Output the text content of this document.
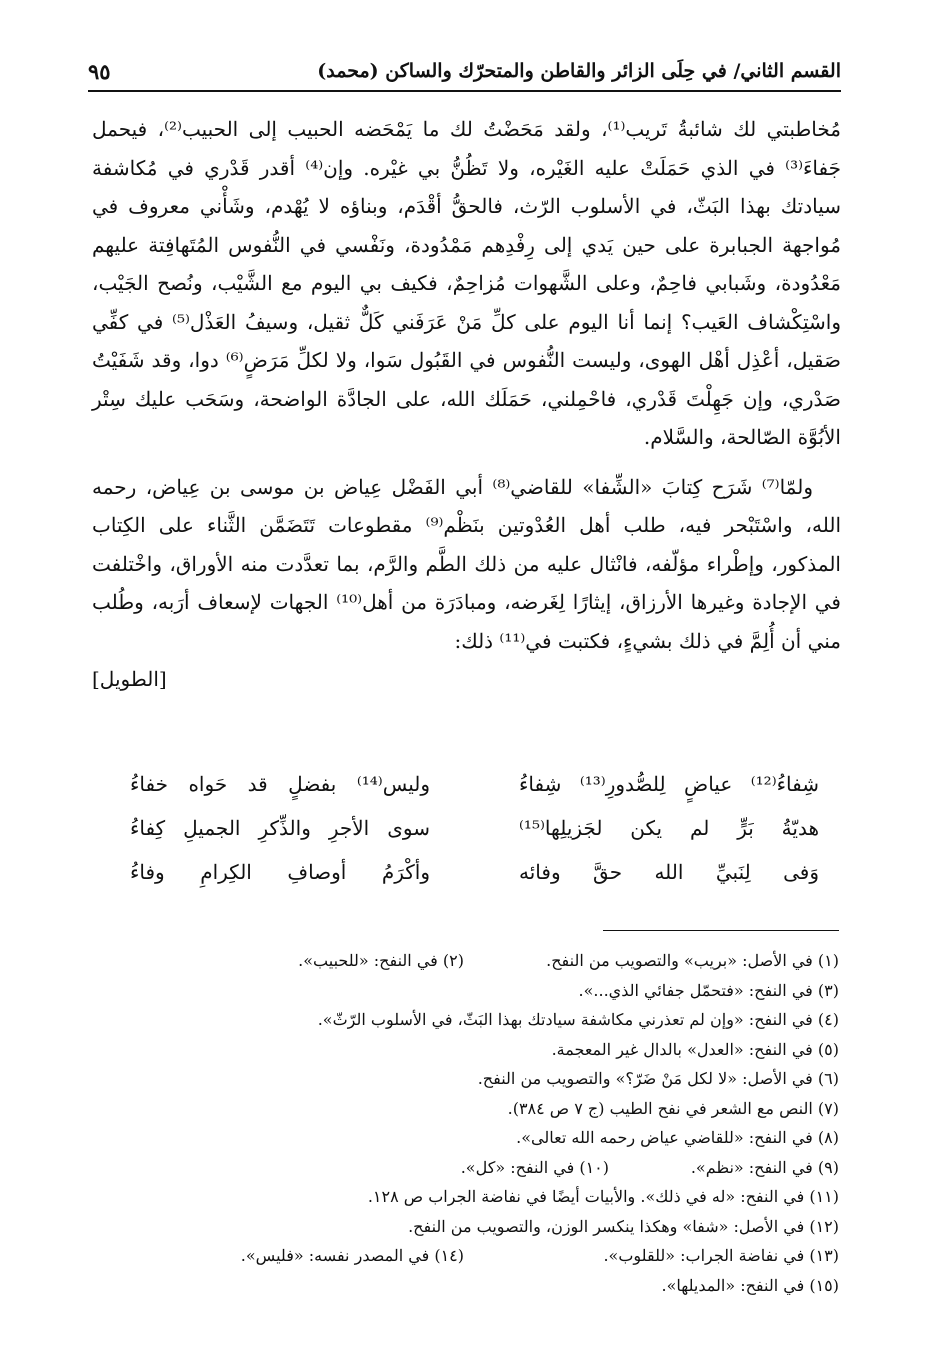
القسم الثاني/ في حِلَى الزائر والقاطن والمتحرّك والساكن (محمد)
٩٥

مُخاطبتي لك شائبةُ تَريب⁽¹⁾، ولقد مَحَضْتُ لك ما يَمْحَضه الحبيب إلى الحبيب⁽²⁾، فيحمل جَفاءَ⁽³⁾ في الذي حَمَلَتْ عليه الغَيْره، ولا تَظُنُّ بي غيْره. وإن⁽⁴⁾ أقدر قَدْري في مُكاشفة سيادتك بهذا البَثّ، في الأسلوب الرّث، فالحقُّ أقْدَم، وبناؤه لا يُهْدم، وشَأْني معروف في مُواجهة الجبابرة على حين يَدي إلى رِفْدِهم مَمْدُودة، ونَفْسي في النُّفوس المُتَهافِتة عليهم مَعْدُودة، وشَبابي فاحِمٌ، وعلى الشَّهوات مُزاحِمٌ، فكيف بي اليوم مع الشَّيْب، ونُصح الجَيْب، واسْتِكْشاف العَيب؟ إنما أنا اليوم على كلِّ مَنْ عَرَفَني كَلٌّ ثقيل، وسيفُ العَذْل⁽⁵⁾ في كفِّي صَقيل، أعْذِل أهْل الهوى، وليست النُّفوس في القَبُول سَوا، ولا لكلِّ مَرَضٍ⁽⁶⁾ دوا، وقد شَفَيْتُ صَدْري، وإن جَهِلْتَ قَدْري، فاحْمِلني، حَمَلَك الله، على الجادَّة الواضحة، وسَحَب عليك سِتْر الأبُوَّة الصّالحة، والسَّلام.

ولمّا⁽⁷⁾ شَرَح كِتابَ «الشِّفا» للقاضي⁽⁸⁾ أبي الفَضْل عِياض بن موسى بن عِياض، رحمه الله، واسْتَبْحر فيه، طلب أهل العُدْوتين بنَظْم⁽⁹⁾ مقطوعات تَتَضَمَّن الثَّناء على الكِتاب المذكور، وإطْراء مؤلّفه، فانْثال عليه من ذلك الطَّم والرَّم، بما تعدَّدت منه الأوراق، واخْتلفت في الإجادة وغيرها الأرزاق، إيثارًا لِغَرضه، ومبادَرَة من أهل⁽¹⁰⁾ الجهات لإسعاف أرَبه، وطُلب مني أن أُلِمَّ في ذلك بشيءٍ، فكتبت في⁽¹¹⁾ ذلك:

[الطويل]
شِفاءُ⁽¹²⁾ عياضٍ لِلصُّدورِ⁽¹³⁾ شِفاءُ
وليس⁽¹⁴⁾ بفضلٍ قد حَواه خفاءُ
هديّةُ بَرٍّ لم يكن لجَزيلِها⁽¹⁵⁾
سوى الأجرِ والذِّكرِ الجميلِ كِفاءُ
وَفى لِنَبيِّ الله حقَّ وفائه
وأكْرَمُ أوصافِ الكِرامِ وفاءُ
(١) في الأصل: «بريب» والتصويب من النفح.
(٢) في النفح: «للحبيب».
(٣) في النفح: «فتحمّل جفائي الذي...».
(٤) في النفح: «وإن لم تعذرني مكاشفة سيادتك بهذا البَثّ، في الأسلوب الرّثّ».
(٥) في النفح: «العدل» بالدال غير المعجمة.
(٦) في الأصل: «لا لكل مَنْ ضَرّ؟» والتصويب من النفح.
(٧) النص مع الشعر في نفح الطيب (ج ٧ ص ٣٨٤).
(٨) في النفح: «للقاضي عياض رحمه الله تعالى».
(٩) في النفح: «نظم».
(١٠) في النفح: «كل».
(١١) في النفح: «له في ذلك». والأبيات أيضًا في نفاضة الجراب ص ١٢٨.
(١٢) في الأصل: «شفا» وهكذا ينكسر الوزن، والتصويب من النفح.
(١٣) في نفاضة الجراب: «للقلوب».
(١٤) في المصدر نفسه: «فليس».
(١٥) في النفح: «المديلها».
